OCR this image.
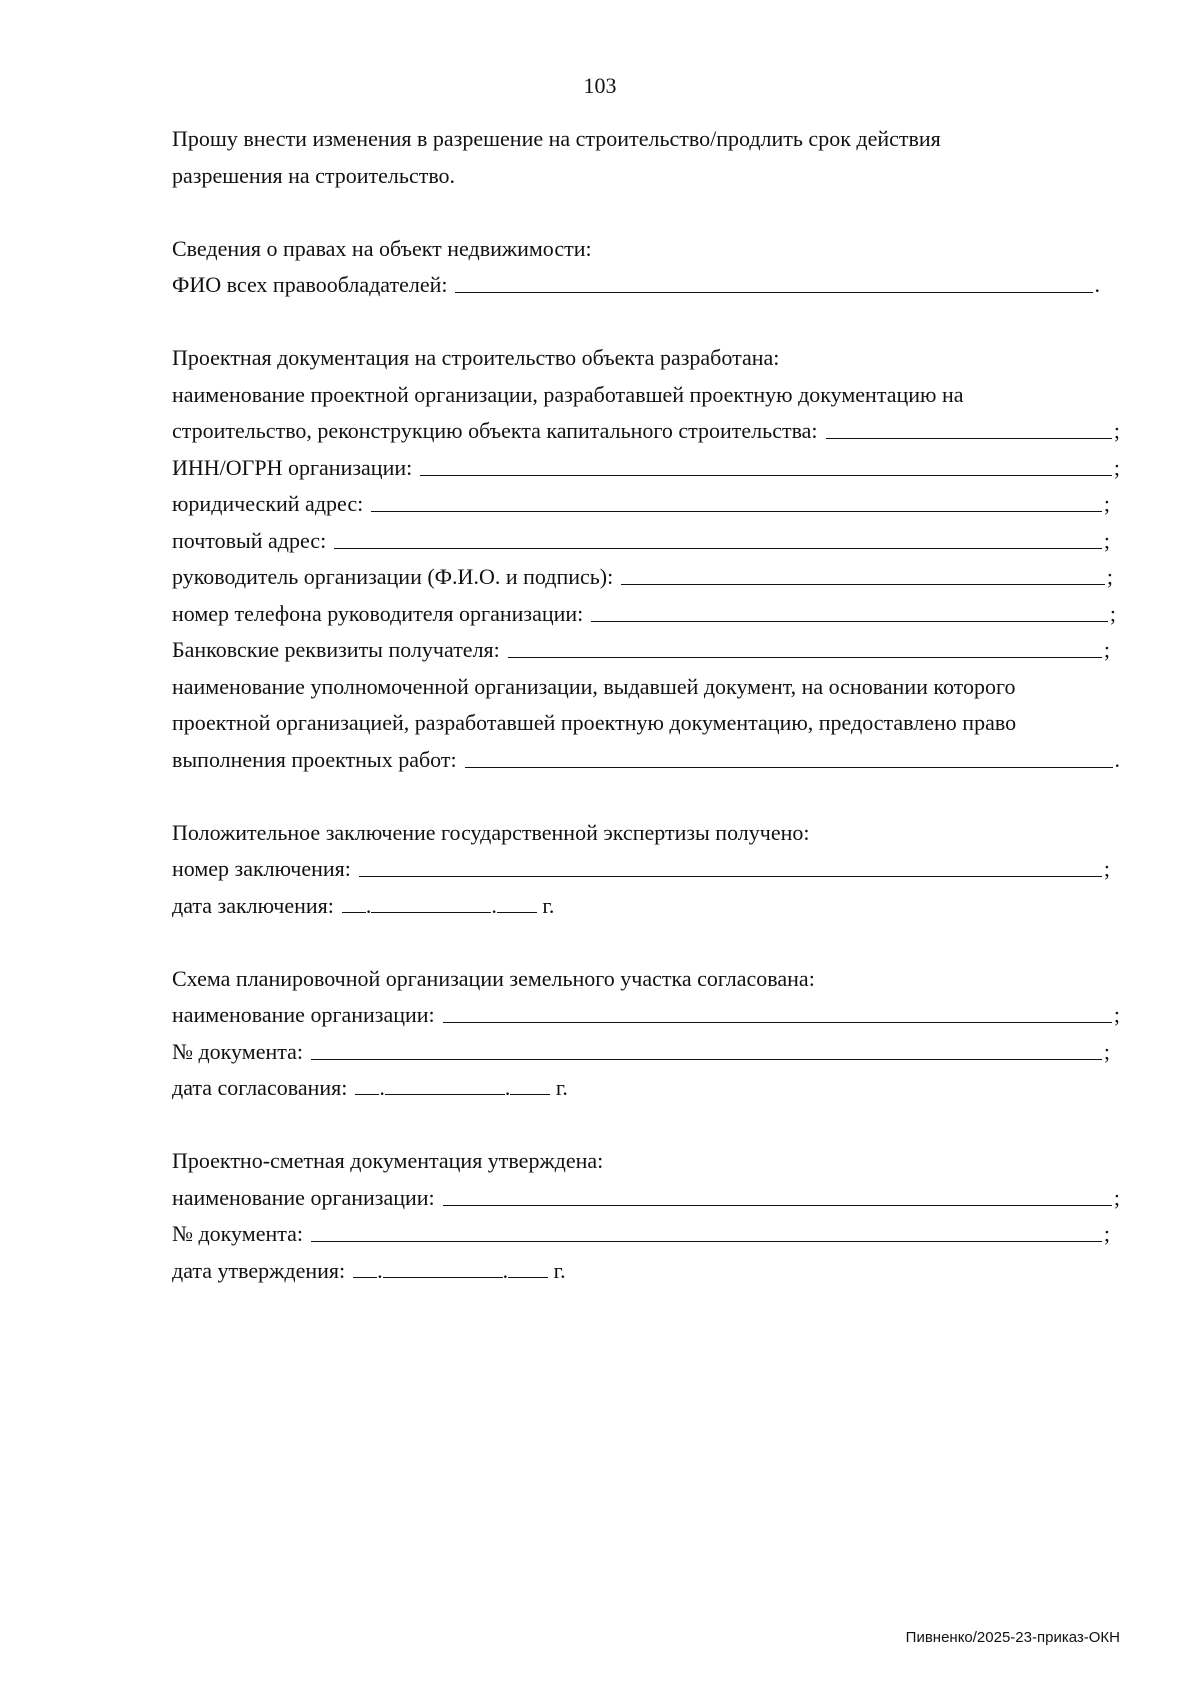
103
Прошу внести изменения в разрешение на строительство/продлить срок действия
разрешения на строительство.
Сведения о правах на объект недвижимости:
ФИО всех правообладателей:	.
Проектная документация на строительство объекта разработана:
наименование проектной организации, разработавшей проектную документацию на
строительство, реконструкцию объекта капитального строительства:	;
ИНН/ОГРН организации:	;
юридический адрес:	;
почтовый адрес:	;
руководитель организации (Ф.И.О. и подпись):	;
номер телефона руководителя организации:	;
Банковские реквизиты получателя:	;
наименование уполномоченной организации, выдавшей документ, на основании которого
проектной организацией, разработавшей проектную документацию, предоставлено право
выполнения проектных работ:	.
Положительное заключение государственной экспертизы получено:
номер заключения:	;
дата заключения: .	.
г.
Схема планировочной организации земельного участка согласована:
наименование организации:	;
№ документа:	;
дата согласования: .	.
г.
Проектно-сметная документация утверждена:
наименование организации:	;
№ документа:	;
дата утверждения: .	.
г.
Пивненко/2025-23-приказ-ОКН
